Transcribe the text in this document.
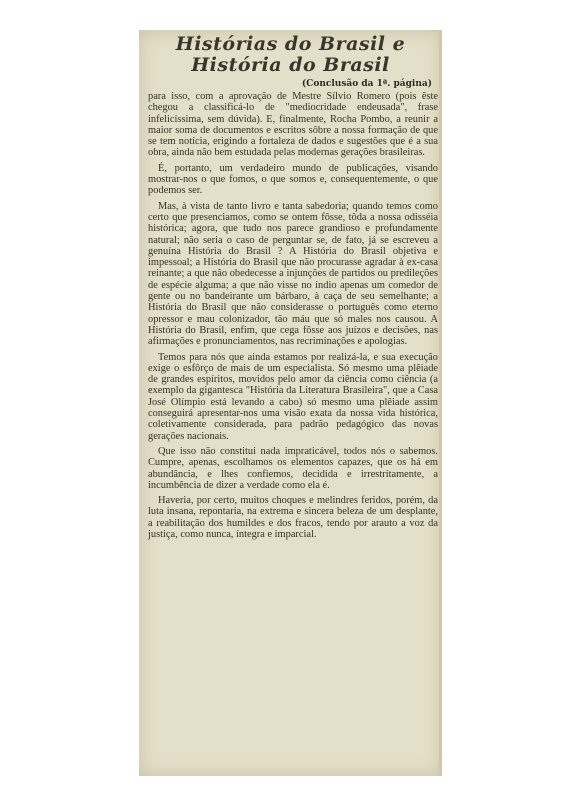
Histórias do Brasil e
História do Brasil
(Conclusão da 1ª. página)

para isso, com a aprovação de Mestre Sílvio Romero (pois êste chegou a classificá-lo de "mediocridade endeusada", frase infelicíssima, sem dúvida). E, finalmente, Rocha Pombo, a reunir a maior soma de documentos e escritos sôbre a nossa formação de que se tem notícia, erigindo a fortaleza de dados e sugestões que é a sua obra, ainda não bem estudada pelas modernas gerações brasileiras.

É, portanto, um verdadeiro mundo de publicações, visando mostrar-nos o que fomos, o que somos e, consequentemente, o que podemos ser.

Mas, à vista de tanto livro e tanta sabedoria; quando temos como certo que presenciamos, como se ontem fôsse, tôda a nossa odisséia histórica; agora, que tudo nos parece grandioso e profundamente natural; não seria o caso de perguntar se, de fato, já se escreveu a genuína História do Brasil ? A História do Brasil objetiva e impessoal; a História do Brasil que não procurasse agradar à ex-casa reinante; a que não obedecesse a injunções de partidos ou predileções de espécie alguma; a que não visse no índio apenas um comedor de gente ou no bandeirante um bárbaro, à caça de seu semelhante; a História do Brasil que não considerasse o português como eterno opressor e mau colonizador, tão máu que só males nos causou. A História do Brasil, enfim, que cega fôsse aos juízos e decisões, nas afirmações e pronunciamentos, nas recriminações e apologias.

Temos para nós que ainda estamos por realizá-la, e sua execução exige o esfôrço de mais de um especialista. Só mesmo uma plêiade de grandes espíritos, movidos pelo amor da ciência como ciência (a exemplo da gigantesca "História da Literatura Brasileira", que a Casa José Olímpio está levando a cabo) só mesmo uma plêiade assim conseguirá apresentar-nos uma visão exata da nossa vida histórica, coletivamente considerada, para padrão pedagógico das novas gerações nacionais.

Que isso não constitui nada impraticável, todos nós o sabemos. Cumpre, apenas, escolhamos os elementos capazes, que os há em abundância, e lhes confiemos, decidida e irrestritamente, a incumbência de dizer a verdade como ela é.

Haveria, por certo, muitos choques e melindres feridos, porém, da luta insana, repontaria, na extrema e sincera beleza de um desplante, a reabilitação dos humildes e dos fracos, tendo por arauto a voz da justiça, como nunca, íntegra e imparcial.
